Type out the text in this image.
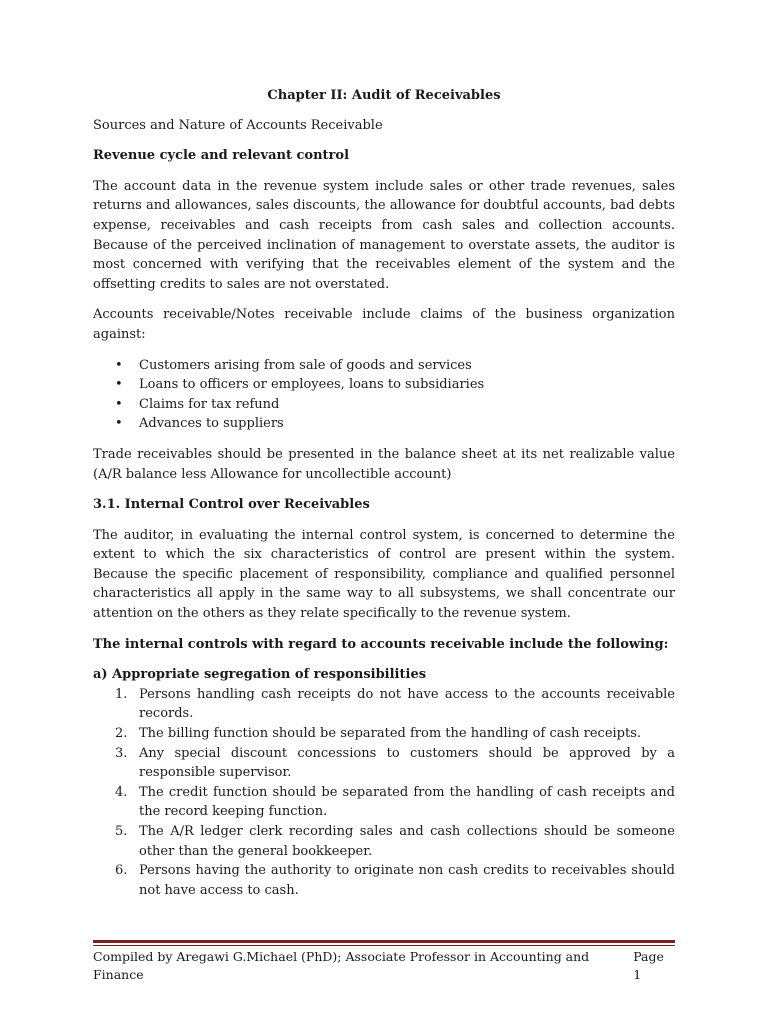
Chapter II: Audit of Receivables
Sources and Nature of Accounts Receivable
Revenue cycle and relevant control
The account data in the revenue system include sales or other trade revenues, sales returns and allowances, sales discounts, the allowance for doubtful accounts, bad debts expense, receivables and cash receipts from cash sales and collection accounts. Because of the perceived inclination of management to overstate assets, the auditor is most concerned with verifying that the receivables element of the system and the offsetting credits to sales are not overstated.
Accounts receivable/Notes receivable include claims of the business organization against:
• Customers arising from sale of goods and services
• Loans to officers or employees, loans to subsidiaries
• Claims for tax refund
• Advances to suppliers
Trade receivables should be presented in the balance sheet at its net realizable value (A/R balance less Allowance for uncollectible account)
3.1. Internal Control over Receivables
The auditor, in evaluating the internal control system, is concerned to determine the extent to which the six characteristics of control are present within the system. Because the specific placement of responsibility, compliance and qualified personnel characteristics all apply in the same way to all subsystems, we shall concentrate our attention on the others as they relate specifically to the revenue system.
The internal controls with regard to accounts receivable include the following:
a) Appropriate segregation of responsibilities
1. Persons handling cash receipts do not have access to the accounts receivable records.
2. The billing function should be separated from the handling of cash receipts.
3. Any special discount concessions to customers should be approved by a responsible supervisor.
4. The credit function should be separated from the handling of cash receipts and the record keeping function.
5. The A/R ledger clerk recording sales and cash collections should be someone other than the general bookkeeper.
6. Persons having the authority to originate non cash credits to receivables should not have access to cash.
Compiled by Aregawi G.Michael (PhD); Associate Professor in Accounting and Finance
Page 1
